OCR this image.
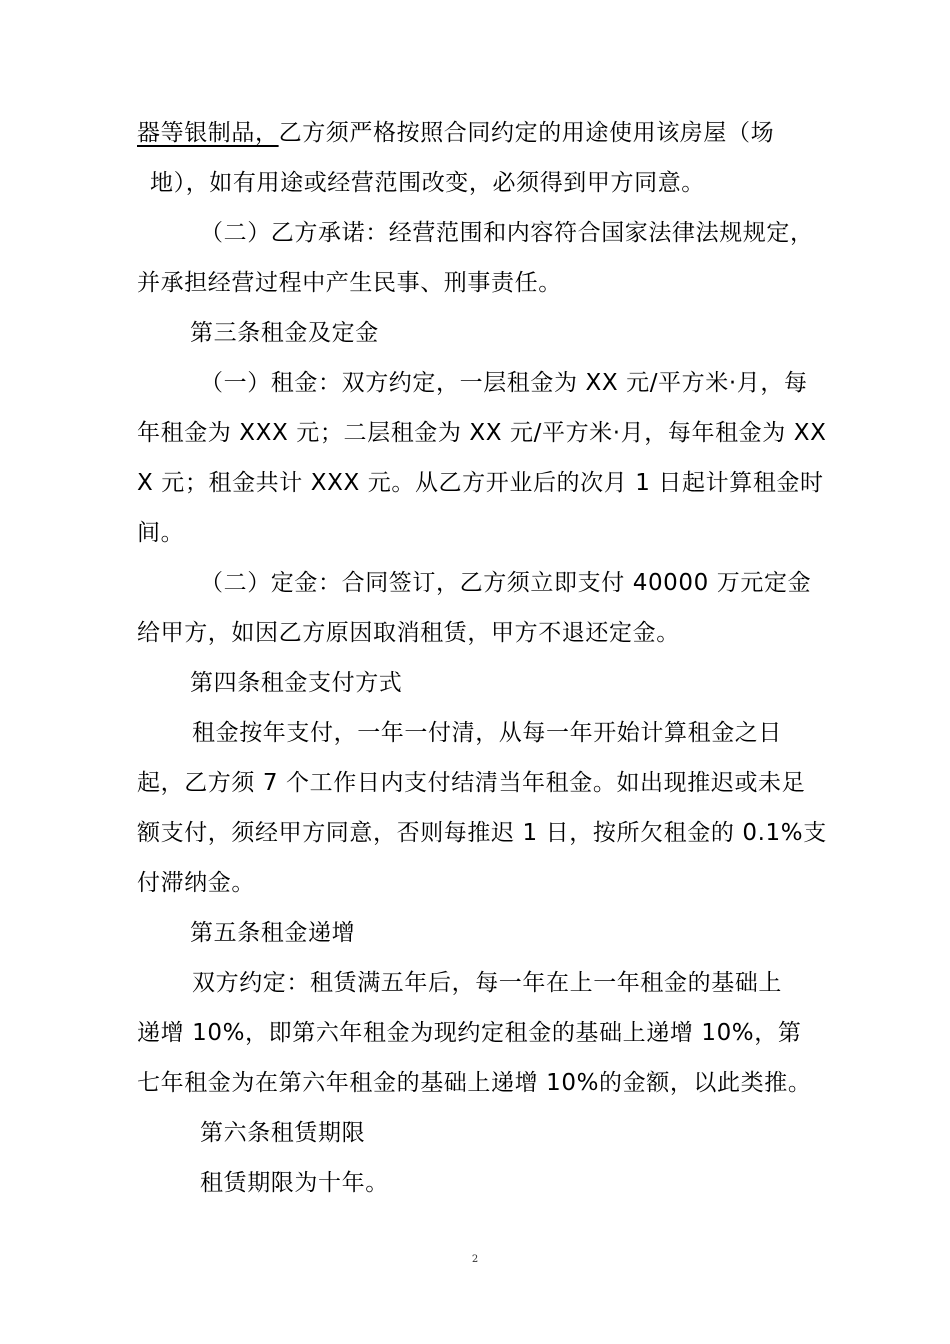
器等银制品，乙方须严格按照合同约定的用途使用该房屋（场
地），如有用途或经营范围改变，必须得到甲方同意。
（二）乙方承诺：经营范围和内容符合国家法律法规规定，
并承担经营过程中产生民事、刑事责任。
第三条租金及定金
（一）租金：双方约定，一层租金为 XX 元/平方米·月，每
年租金为 XXX 元；二层租金为 XX 元/平方米·月，每年租金为 XX
X 元；租金共计 XXX 元。从乙方开业后的次月 1 日起计算租金时
间。
（二）定金：合同签订，乙方须立即支付 40000 万元定金
给甲方，如因乙方原因取消租赁，甲方不退还定金。
第四条租金支付方式
租金按年支付，一年一付清，从每一年开始计算租金之日
起，乙方须 7 个工作日内支付结清当年租金。如出现推迟或未足
额支付，须经甲方同意，否则每推迟 1 日，按所欠租金的 0.1%支
付滞纳金。
第五条租金递增
双方约定：租赁满五年后，每一年在上一年租金的基础上
递增 10%，即第六年租金为现约定租金的基础上递增 10%，第
七年租金为在第六年租金的基础上递增 10%的金额，以此类推。
第六条租赁期限
租赁期限为十年。
2
